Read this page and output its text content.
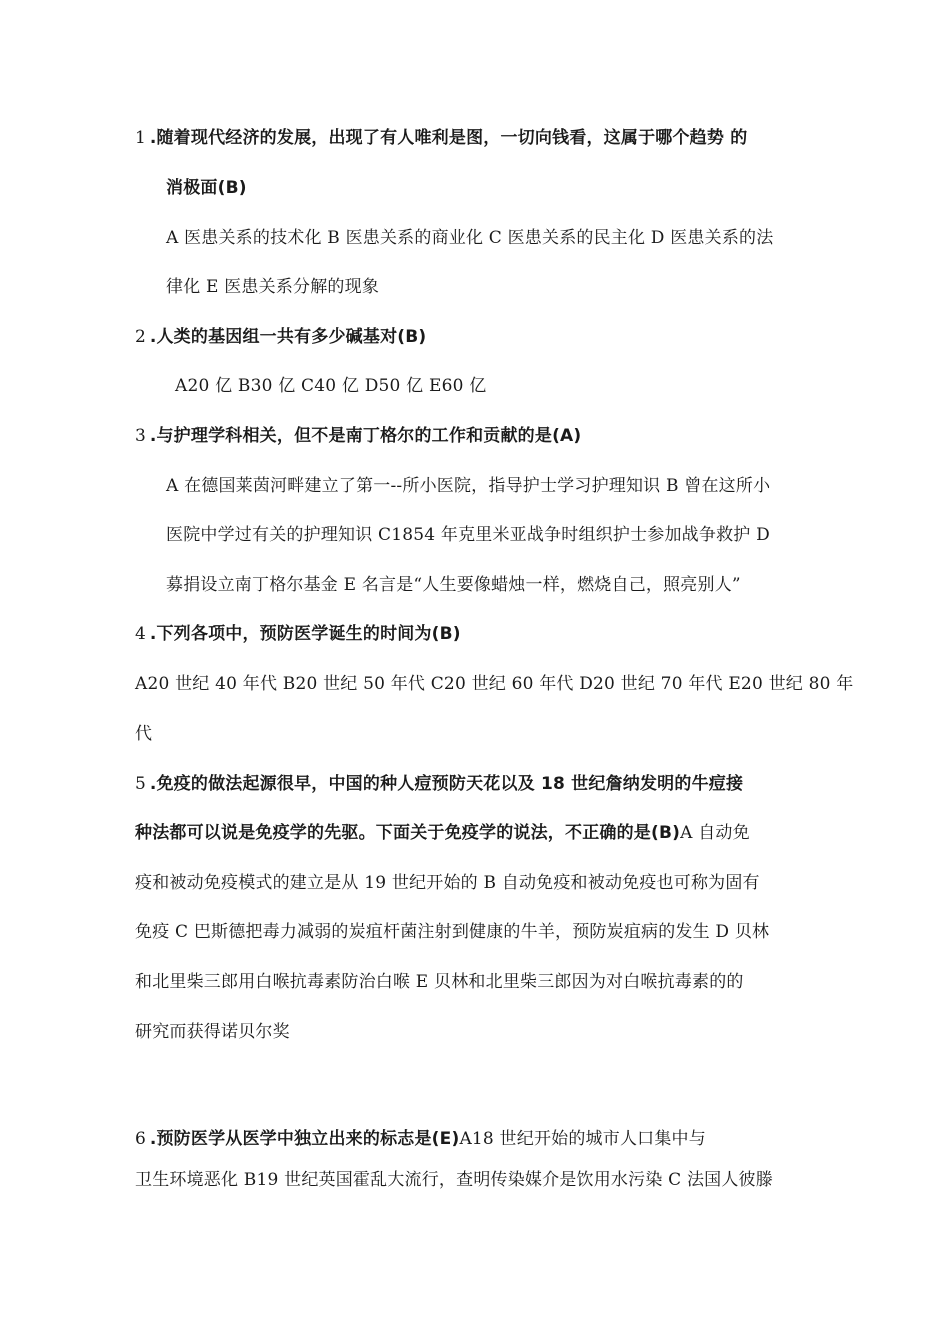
1.随着现代经济的发展，出现了有人唯利是图，一切向钱看，这属于哪个趋势 的
消极面(B)
A 医患关系的技术化 B 医患关系的商业化 C 医患关系的民主化 D 医患关系的法
律化 E 医患关系分解的现象
2.人类的基因组一共有多少碱基对(B)
A20 亿 B30 亿 C40 亿 D50 亿 E60 亿
3.与护理学科相关，但不是南丁格尔的工作和贡献的是(A)
A 在德国莱茵河畔建立了第一--所小医院，指导护士学习护理知识 B 曾在这所小
医院中学过有关的护理知识 C1854 年克里米亚战争时组织护士参加战争救护 D
募捐设立南丁格尔基金 E 名言是“人生要像蜡烛一样，燃烧自己，照亮别人”
4.下列各项中，预防医学诞生的时间为(B)
A20 世纪 40 年代 B20 世纪 50 年代 C20 世纪 60 年代 D20 世纪 70 年代 E20 世纪 80 年
代
5.免疫的做法起源很早，中国的种人痘预防天花以及 18 世纪詹纳发明的牛痘接
种法都可以说是免疫学的先驱。下面关于免疫学的说法，不正确的是(B)A 自动免
疫和被动免疫模式的建立是从 19 世纪开始的 B 自动免疫和被动免疫也可称为固有
免疫 C 巴斯德把毒力减弱的炭疽杆菌注射到健康的牛羊，预防炭疽病的发生 D 贝林
和北里柴三郎用白喉抗毒素防治白喉 E 贝林和北里柴三郎因为对白喉抗毒素的的
研究而获得诺贝尔奖
6.预防医学从医学中独立出来的标志是(E)A18 世纪开始的城市人口集中与
卫生环境恶化 B19 世纪英国霍乱大流行，查明传染媒介是饮用水污染 C 法国人彼滕
